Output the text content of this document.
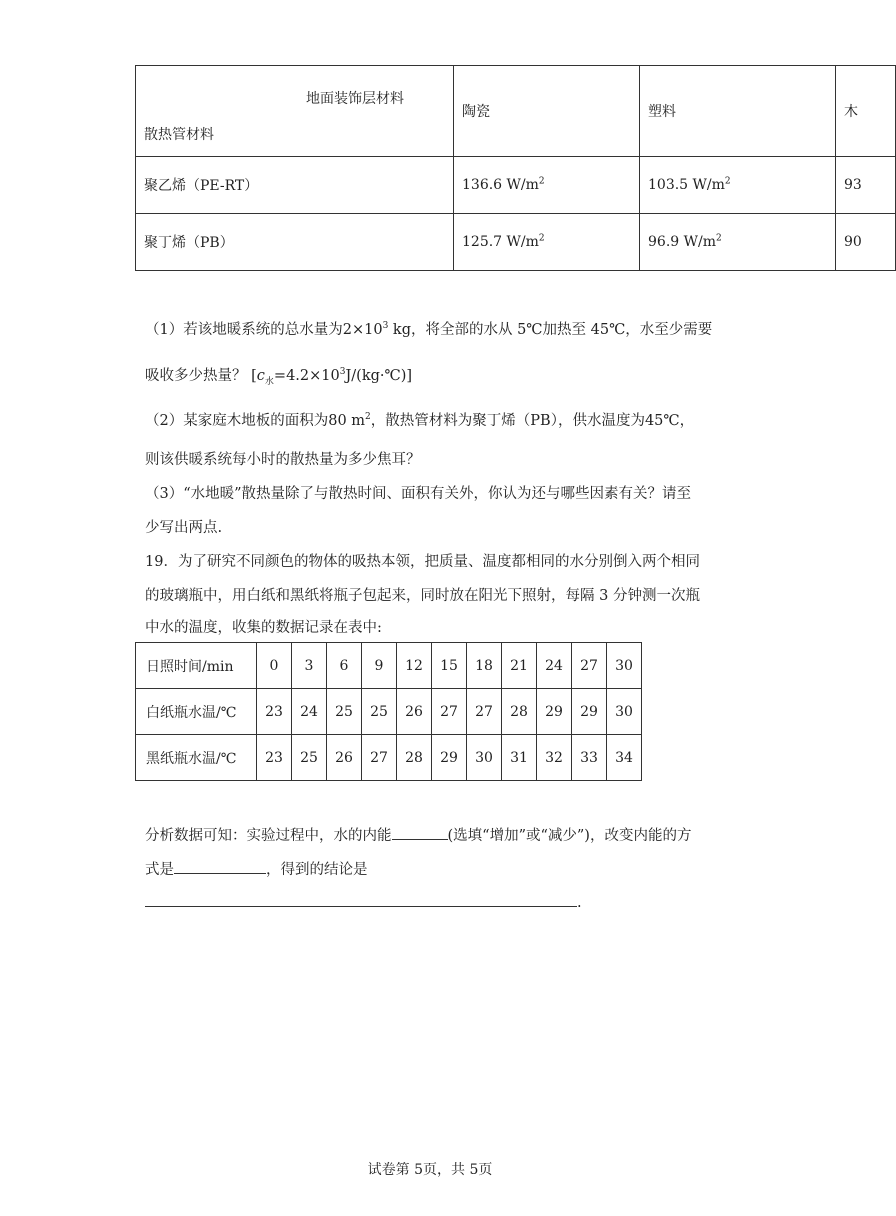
地面装饰层材料
散热管材料	陶瓷	塑料	木
聚乙烯（PE-RT）	136.6 $W/m^2$	103.5 $W/m^2$	93
聚丁烯（PB）	125.7 $W/m^2$	96.9 $W/m^2$	90
（1）若该地暖系统的总水量为$2\times 10^3$ kg，将全部的水从 5℃加热至 45℃，水至少需要
吸收多少热量？ $[c_水=4.2\times 10^3J/(kg\cdot℃)]$
（2）某家庭木地板的面积为80 $m^2$，散热管材料为聚丁烯（PB），供水温度为45℃，
则该供暖系统每小时的散热量为多少焦耳？
（3）“水地暖”散热量除了与散热时间、面积有关外，你认为还与哪些因素有关？请至
少写出两点.
19．为了研究不同颜色的物体的吸热本领，把质量、温度都相同的水分别倒入两个相同
的玻璃瓶中，用白纸和黑纸将瓶子包起来，同时放在阳光下照射，每隔 3 分钟测一次瓶
中水的温度，收集的数据记录在表中:
日照时间/min	0	3	6	9	12	15	18	21	24	27	30
白纸瓶水温/℃	23	24	25	25	26	27	27	28	29	29	30
黑纸瓶水温/℃	23	25	26	27	28	29	30	31	32	33	34
分析数据可知：实验过程中，水的内能	(选填“增加”或“减少”)，改变内能的方
式是	，得到的结论是
.
试卷第 5页，共 5页
